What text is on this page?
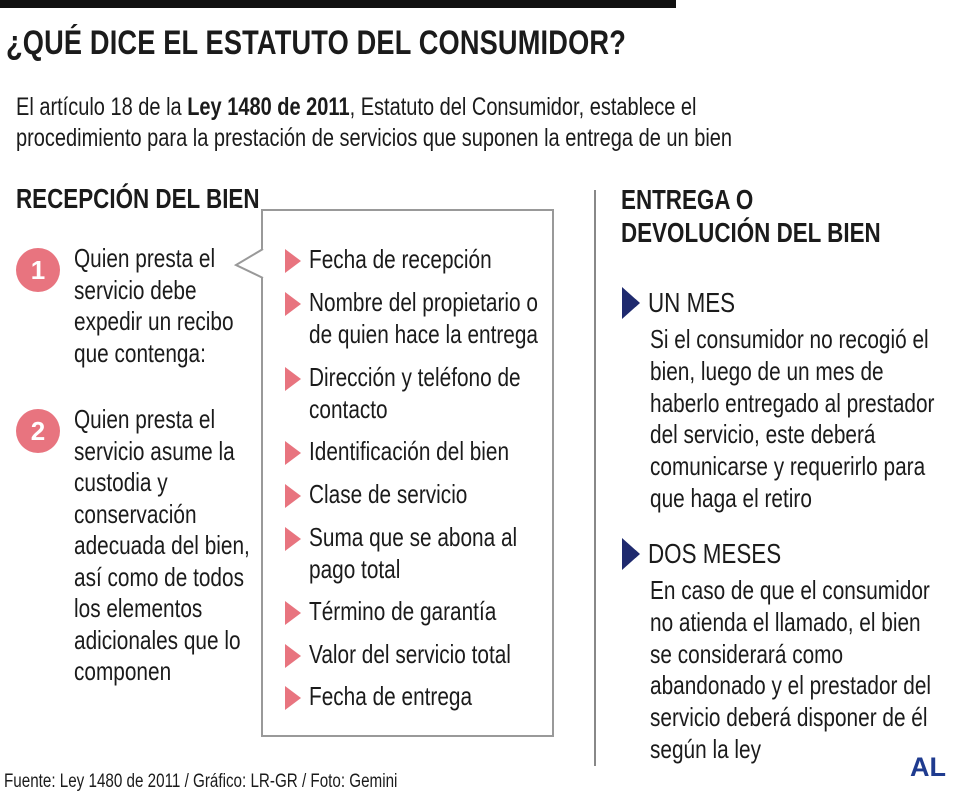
¿QUÉ DICE EL ESTATUTO DEL CONSUMIDOR?
El artículo 18 de la Ley 1480 de 2011, Estatuto del Consumidor, establece el
procedimiento para la prestación de servicios que suponen la entrega de un bien
RECEPCIÓN DEL BIEN
1	Quien presta el
servicio debe
expedir un recibo
que contenga:
2	Quien presta el
servicio asume la
custodia y
conservación
adecuada del bien,
así como de todos
los elementos
adicionales que lo
componen
Fecha de recepción
Nombre del propietario o
de quien hace la entrega
Dirección y teléfono de
contacto
Identificación del bien
Clase de servicio
Suma que se abona al
pago total
Término de garantía
Valor del servicio total
Fecha de entrega
ENTREGA O
DEVOLUCIÓN DEL BIEN
UN MES
Si el consumidor no recogió el
bien, luego de un mes de
haberlo entregado al prestador
del servicio, este deberá
comunicarse y requerirlo para
que haga el retiro
DOS MESES
En caso de que el consumidor
no atienda el llamado, el bien
se considerará como
abandonado y el prestador del
servicio deberá disponer de él
según la ley
Fuente: Ley 1480 de 2011 / Gráfico: LR-GR / Foto: Gemini	AL
